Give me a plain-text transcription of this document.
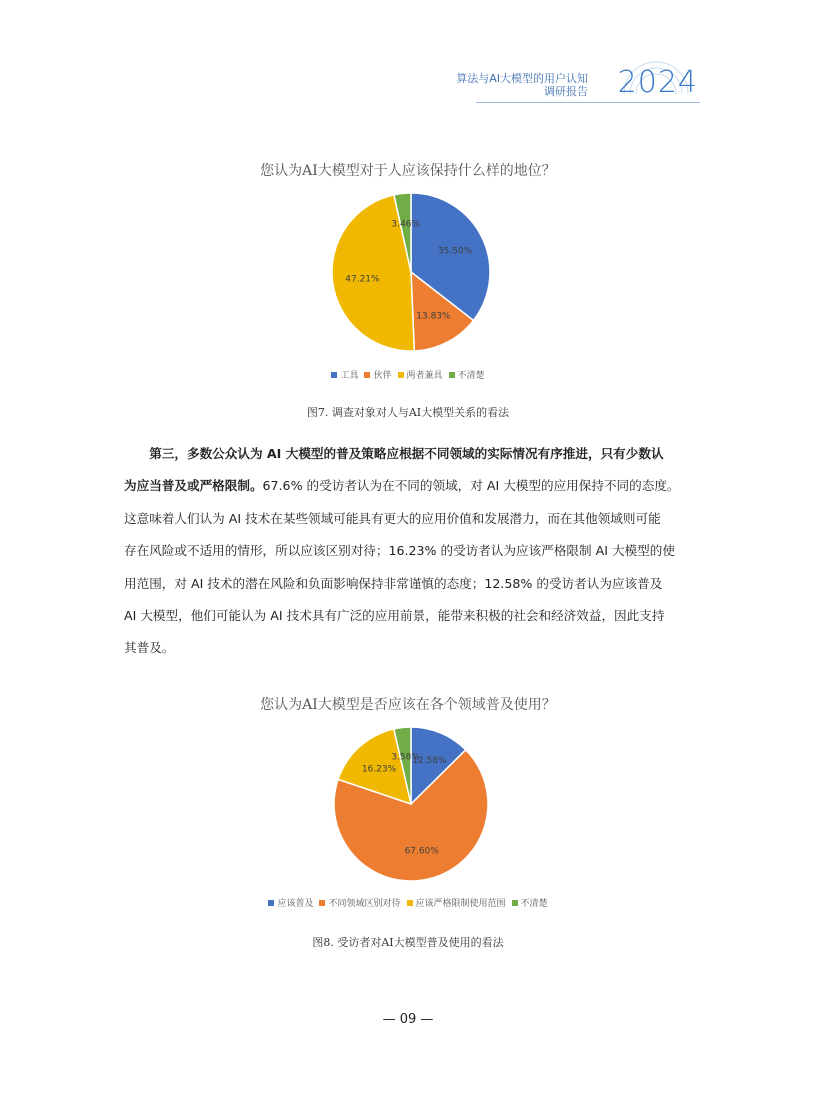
算法与AI大模型的用户认知
调研报告 2024
您认为AI大模型对于人应该保持什么样的地位？
35.50%
13.83%
47.21%
3.46%
工具 伙伴 两者兼具 不清楚
图7. 调查对象对人与AI大模型关系的看法
　　第三，多数公众认为 AI 大模型的普及策略应根据不同领域的实际情况有序推进，只有少数认
为应当普及或严格限制。67.6% 的受访者认为在不同的领域，对 AI 大模型的应用保持不同的态度。
这意味着人们认为 AI 技术在某些领域可能具有更大的应用价值和发展潜力，而在其他领域则可能
存在风险或不适用的情形，所以应该区别对待；16.23% 的受访者认为应该严格限制 AI 大模型的使
用范围，对 AI 技术的潜在风险和负面影响保持非常谨慎的态度；12.58% 的受访者认为应该普及
AI 大模型，他们可能认为 AI 技术具有广泛的应用前景，能带来积极的社会和经济效益，因此支持
其普及。
您认为AI大模型是否应该在各个领域普及使用？
12.58%
67.60%
16.23%
3.58%
应该普及 不同领域区别对待 应该严格限制使用范围 不清楚
图8. 受访者对AI大模型普及使用的看法
— 09 —
